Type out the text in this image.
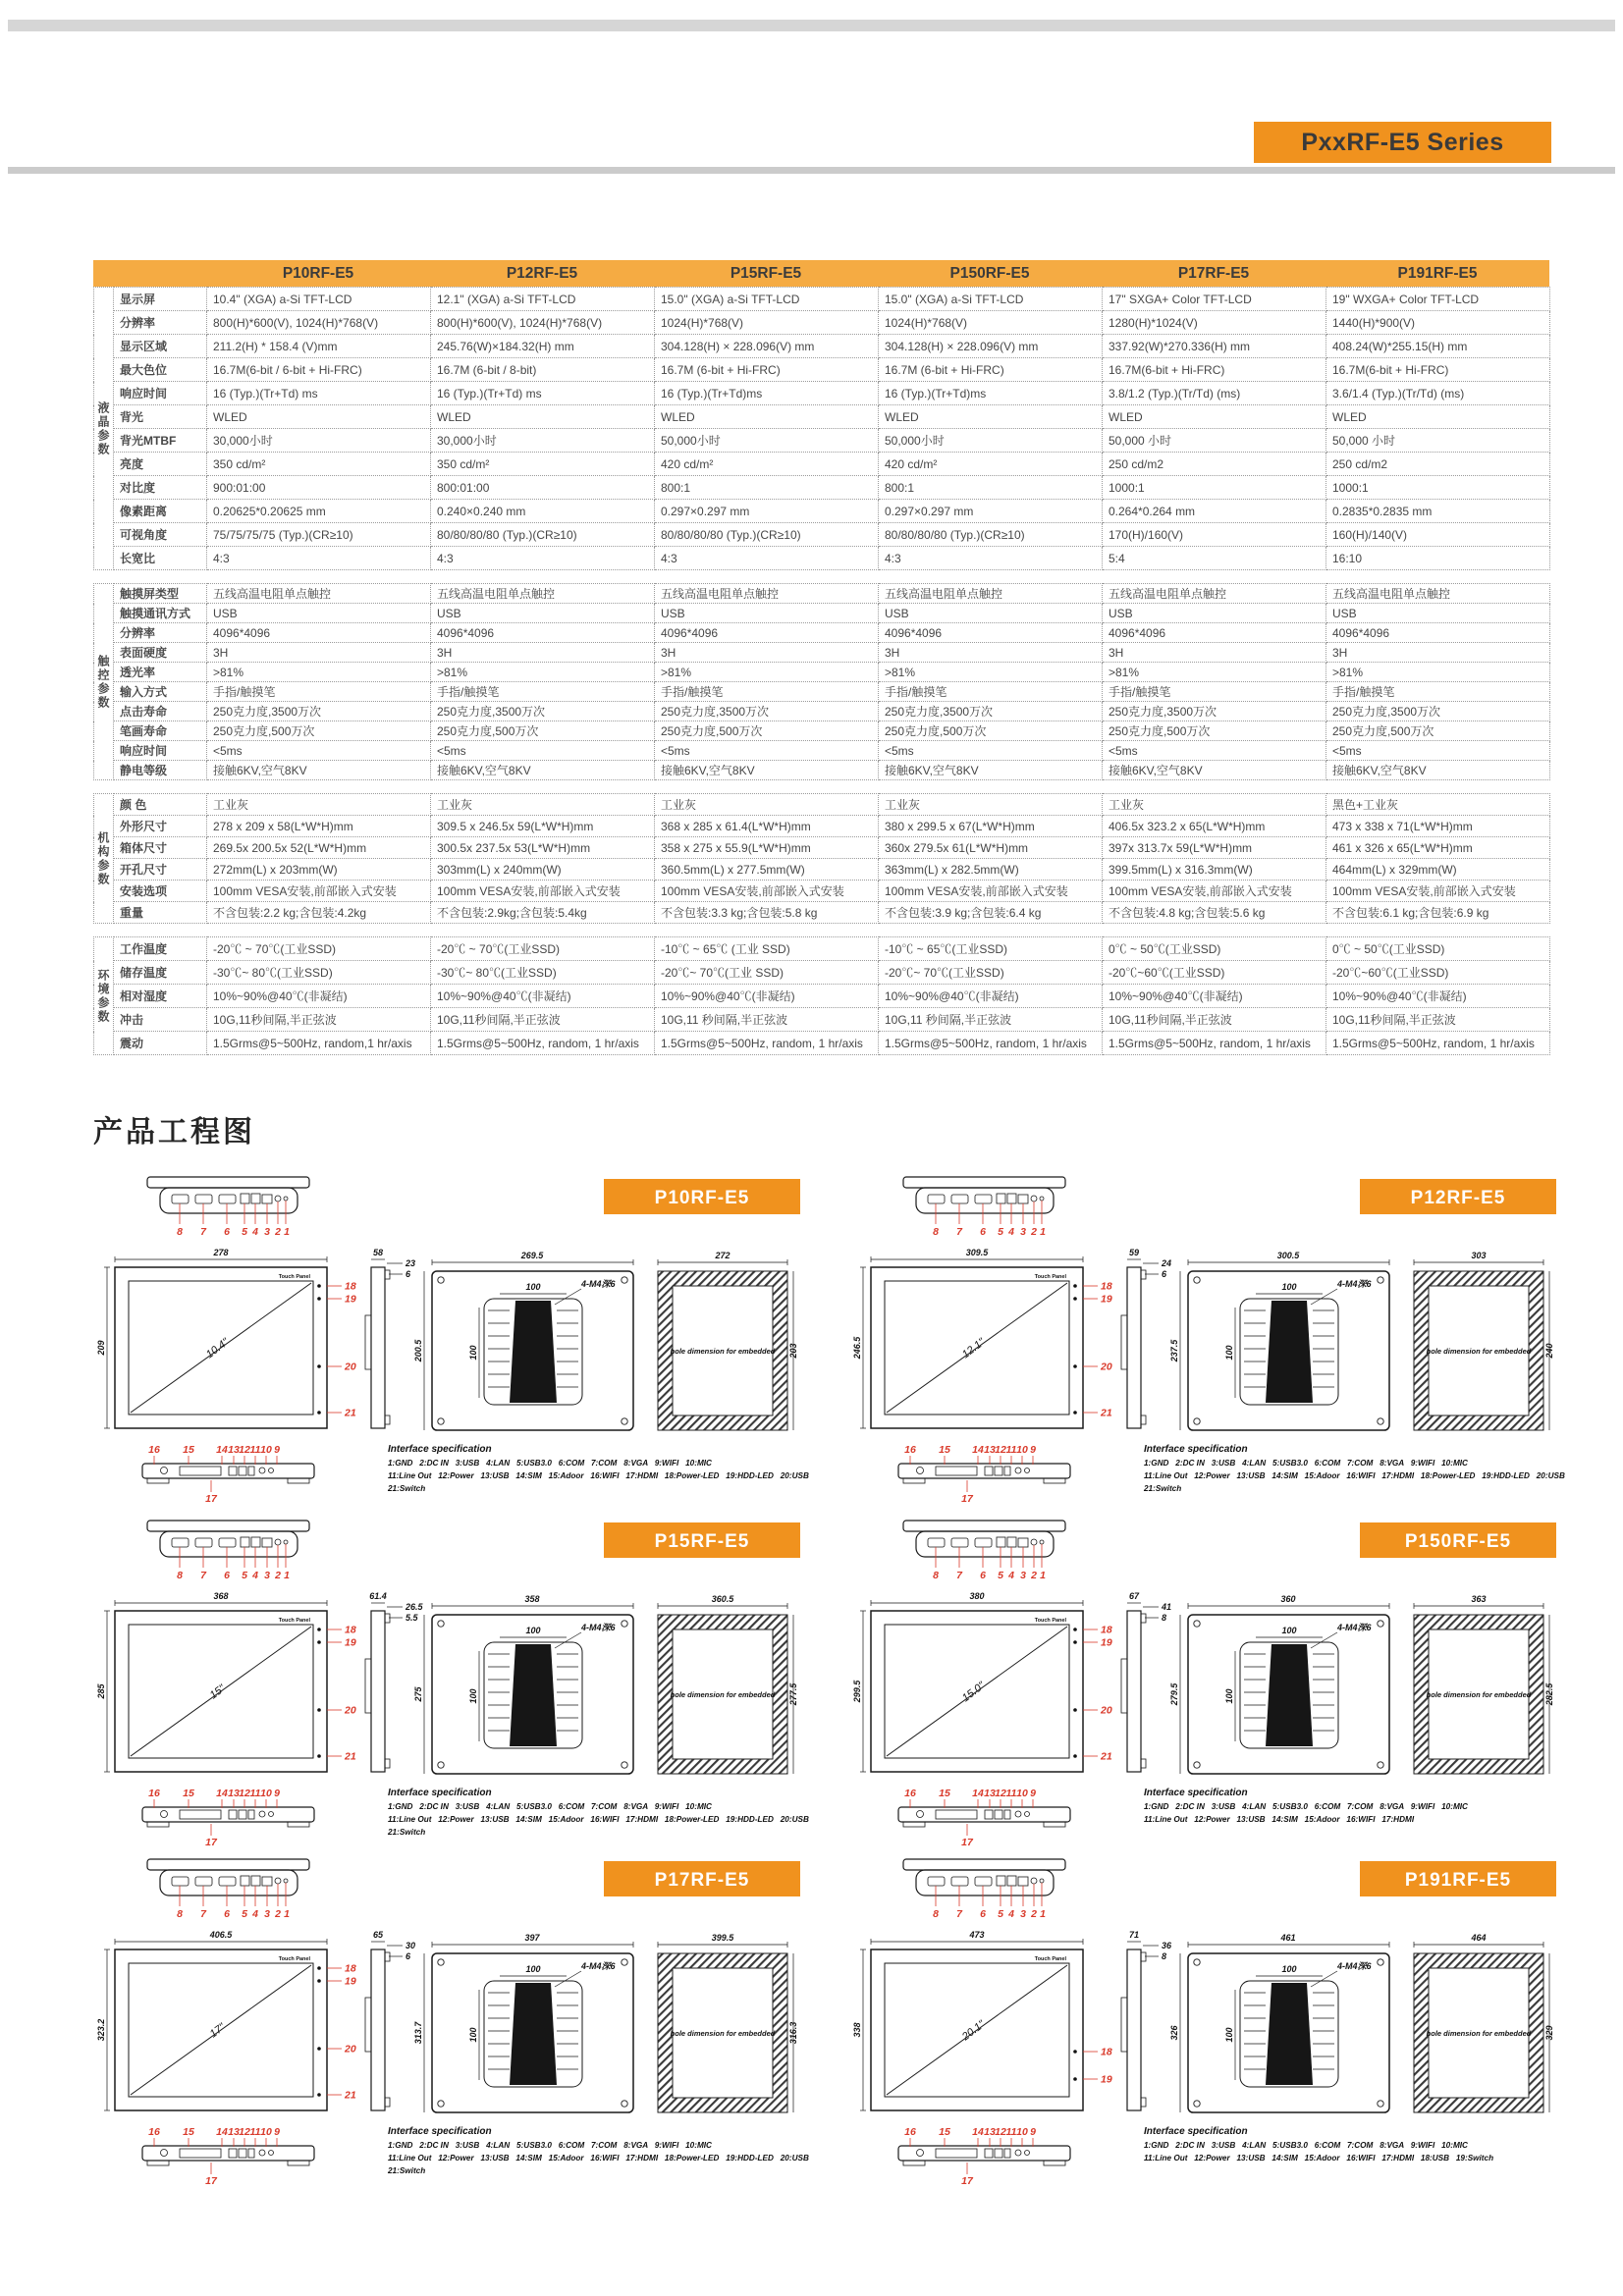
PxxRF-E5 Series
P10RF-E5	P12RF-E5	P15RF-E5	P150RF-E5	P17RF-E5	P191RF-E5
液晶参数	显示屏	10.4" (XGA) a-Si TFT-LCD	12.1" (XGA) a-Si TFT-LCD	15.0" (XGA) a-Si TFT-LCD	15.0" (XGA) a-Si TFT-LCD	17" SXGA+ Color TFT-LCD	19" WXGA+ Color TFT-LCD
	分辨率	800(H)*600(V), 1024(H)*768(V)	800(H)*600(V), 1024(H)*768(V)	1024(H)*768(V)	1024(H)*768(V)	1280(H)*1024(V)	1440(H)*900(V)
	显示区域	211.2(H) * 158.4 (V)mm	245.76(W)×184.32(H) mm	304.128(H) × 228.096(V) mm	304.128(H) × 228.096(V) mm	337.92(W)*270.336(H) mm	408.24(W)*255.15(H) mm
	最大色位	16.7M(6-bit / 6-bit + Hi-FRC)	16.7M (6-bit / 8-bit)	16.7M (6-bit + Hi-FRC)	16.7M (6-bit + Hi-FRC)	16.7M(6-bit + Hi-FRC)	16.7M(6-bit + Hi-FRC)
	响应时间	16 (Typ.)(Tr+Td) ms	16 (Typ.)(Tr+Td) ms	16 (Typ.)(Tr+Td)ms	16 (Typ.)(Tr+Td)ms	3.8/1.2 (Typ.)(Tr/Td) (ms)	3.6/1.4 (Typ.)(Tr/Td) (ms)
	背光	WLED	WLED	WLED	WLED	WLED	WLED
	背光MTBF	30,000小时	30,000小时	50,000小时	50,000小时	50,000 小时	50,000 小时
	亮度	350 cd/m²	350 cd/m²	420 cd/m²	420 cd/m²	250 cd/m2	250 cd/m2
	对比度	900:01:00	800:01:00	800:1	800:1	1000:1	1000:1
	像素距离	0.20625*0.20625 mm	0.240×0.240 mm	0.297×0.297 mm	0.297×0.297 mm	0.264*0.264 mm	0.2835*0.2835 mm
	可视角度	75/75/75/75 (Typ.)(CR≥10)	80/80/80/80 (Typ.)(CR≥10)	80/80/80/80 (Typ.)(CR≥10)	80/80/80/80 (Typ.)(CR≥10)	170(H)/160(V)	160(H)/140(V)
	长宽比	4:3	4:3	4:3	4:3	5:4	16:10
触控参数	触摸屏类型	五线高温电阻单点触控	五线高温电阻单点触控	五线高温电阻单点触控	五线高温电阻单点触控	五线高温电阻单点触控	五线高温电阻单点触控
	触摸通讯方式	USB	USB	USB	USB	USB	USB
	分辨率	4096*4096	4096*4096	4096*4096	4096*4096	4096*4096	4096*4096
	表面硬度	3H	3H	3H	3H	3H	3H
	透光率	>81%	>81%	>81%	>81%	>81%	>81%
	输入方式	手指/触摸笔	手指/触摸笔	手指/触摸笔	手指/触摸笔	手指/触摸笔	手指/触摸笔
	点击寿命	250克力度,3500万次	250克力度,3500万次	250克力度,3500万次	250克力度,3500万次	250克力度,3500万次	250克力度,3500万次
	笔画寿命	250克力度,500万次	250克力度,500万次	250克力度,500万次	250克力度,500万次	250克力度,500万次	250克力度,500万次
	响应时间	<5ms	<5ms	<5ms	<5ms	<5ms	<5ms
	静电等级	接触6KV,空气8KV	接触6KV,空气8KV	接触6KV,空气8KV	接触6KV,空气8KV	接触6KV,空气8KV	接触6KV,空气8KV
机构参数	颜 色	工业灰	工业灰	工业灰	工业灰	工业灰	黑色+工业灰
	外形尺寸	278 x 209 x 58(L*W*H)mm	309.5 x 246.5x 59(L*W*H)mm	368 x 285 x 61.4(L*W*H)mm	380 x 299.5 x 67(L*W*H)mm	406.5x 323.2 x 65(L*W*H)mm	473 x 338 x 71(L*W*H)mm
	箱体尺寸	269.5x 200.5x 52(L*W*H)mm	300.5x 237.5x 53(L*W*H)mm	358 x 275 x 55.9(L*W*H)mm	360x 279.5x 61(L*W*H)mm	397x 313.7x 59(L*W*H)mm	461 x 326 x 65(L*W*H)mm
	开孔尺寸	272mm(L) x 203mm(W)	303mm(L) x 240mm(W)	360.5mm(L) x 277.5mm(W)	363mm(L) x 282.5mm(W)	399.5mm(L) x 316.3mm(W)	464mm(L) x 329mm(W)
	安装选项	100mm VESA安装,前部嵌入式安装	100mm VESA安装,前部嵌入式安装	100mm VESA安装,前部嵌入式安装	100mm VESA安装,前部嵌入式安装	100mm VESA安装,前部嵌入式安装	100mm VESA安装,前部嵌入式安装
	重量	不含包装:2.2 kg;含包装:4.2kg	不含包装:2.9kg;含包装:5.4kg	不含包装:3.3 kg;含包装:5.8 kg	不含包装:3.9 kg;含包装:6.4 kg	不含包装:4.8 kg;含包装:5.6 kg	不含包装:6.1 kg;含包装:6.9 kg
环境参数	工作温度	-20℃ ~ 70℃(工业SSD)	-20℃ ~ 70℃(工业SSD)	-10℃ ~ 65℃ (工业 SSD)	-10℃ ~ 65℃(工业SSD)	0℃ ~ 50℃(工业SSD)	0℃ ~ 50℃(工业SSD)
	储存温度	-30℃~ 80℃(工业SSD)	-30℃~ 80℃(工业SSD)	-20℃~ 70℃(工业 SSD)	-20℃~ 70℃(工业SSD)	-20℃~60℃(工业SSD)	-20℃~60℃(工业SSD)
	相对湿度	10%~90%@40℃(非凝结)	10%~90%@40℃(非凝结)	10%~90%@40℃(非凝结)	10%~90%@40℃(非凝结)	10%~90%@40℃(非凝结)	10%~90%@40℃(非凝结)
	冲击	10G,11秒间隔,半正弦波	10G,11秒间隔,半正弦波	10G,11 秒间隔,半正弦波	10G,11 秒间隔,半正弦波	10G,11秒间隔,半正弦波	10G,11秒间隔,半正弦波
	震动	1.5Grms@5~500Hz, random,1 hr/axis	1.5Grms@5~500Hz, random, 1 hr/axis	1.5Grms@5~500Hz, random, 1 hr/axis	1.5Grms@5~500Hz, random, 1 hr/axis	1.5Grms@5~500Hz, random, 1 hr/axis	1.5Grms@5~500Hz, random, 1 hr/axis
产品工程图
P10RF-E5
8 7 6 5 4 3 2 1
10.4"
Touch Panel
278
209
18
19
20
21
58
23
6
100
100
4-M4深6
269.5
200.5	hole dimension for embedded
272
203
16 15 14 13 12 11 10 9
17
Interface specification
1:GND   2:DC IN   3:USB   4:LAN   5:USB3.0   6:COM   7:COM   8:VGA   9:WIFI   10:MIC
11:Line Out   12:Power   13:USB   14:SIM   15:Adoor   16:WIFI   17:HDMI   18:Power-LED   19:HDD-LED   20:USB
21:Switch
P12RF-E5
8 7 6 5 4 3 2 1
12.1"
Touch Panel
309.5
246.5
18
19
20
21
59
24
6
100
100
4-M4深6
300.5
237.5	hole dimension for embedded
303
240
16 15 14 13 12 11 10 9
17
Interface specification
1:GND   2:DC IN   3:USB   4:LAN   5:USB3.0   6:COM   7:COM   8:VGA   9:WIFI   10:MIC
11:Line Out   12:Power   13:USB   14:SIM   15:Adoor   16:WIFI   17:HDMI   18:Power-LED   19:HDD-LED   20:USB
21:Switch
P15RF-E5
8 7 6 5 4 3 2 1
15"
Touch Panel
368
285
18
19
20
21
61.4
26.5
5.5
100
100
4-M4深6
358
275	hole dimension for embedded
360.5
277.5
16 15 14 13 12 11 10 9
17
Interface specification
1:GND   2:DC IN   3:USB   4:LAN   5:USB3.0   6:COM   7:COM   8:VGA   9:WIFI   10:MIC
11:Line Out   12:Power   13:USB   14:SIM   15:Adoor   16:WIFI   17:HDMI   18:Power-LED   19:HDD-LED   20:USB
21:Switch
P150RF-E5
8 7 6 5 4 3 2 1
15.0"
Touch Panel
380
299.5
18
19
20
21
67
41
8
100
100
4-M4深6
360
279.5	hole dimension for embedded
363
282.5
16 15 14 13 12 11 10 9
17
Interface specification
1:GND   2:DC IN   3:USB   4:LAN   5:USB3.0   6:COM   7:COM   8:VGA   9:WIFI   10:MIC
11:Line Out   12:Power   13:USB   14:SIM   15:Adoor   16:WIFI   17:HDMI
P17RF-E5
8 7 6 5 4 3 2 1
17"
Touch Panel
406.5
323.2
18
19
20
21
65
30
6
100
100
4-M4深6
397
313.7	hole dimension for embedded
399.5
316.3
16 15 14 13 12 11 10 9
17
Interface specification
1:GND   2:DC IN   3:USB   4:LAN   5:USB3.0   6:COM   7:COM   8:VGA   9:WIFI   10:MIC
11:Line Out   12:Power   13:USB   14:SIM   15:Adoor   16:WIFI   17:HDMI   18:Power-LED   19:HDD-LED   20:USB
21:Switch
P191RF-E5
8 7 6 5 4 3 2 1
20.1"
Touch Panel
473
338
18
19
71
36
8
100
100
4-M4深6
461
326	hole dimension for embedded
464
329
16 15 14 13 12 11 10 9
17
Interface specification
1:GND   2:DC IN   3:USB   4:LAN   5:USB3.0   6:COM   7:COM   8:VGA   9:WIFI   10:MIC
11:Line Out   12:Power   13:USB   14:SIM   15:Adoor   16:WIFI   17:HDMI   18:USB   19:Switch
